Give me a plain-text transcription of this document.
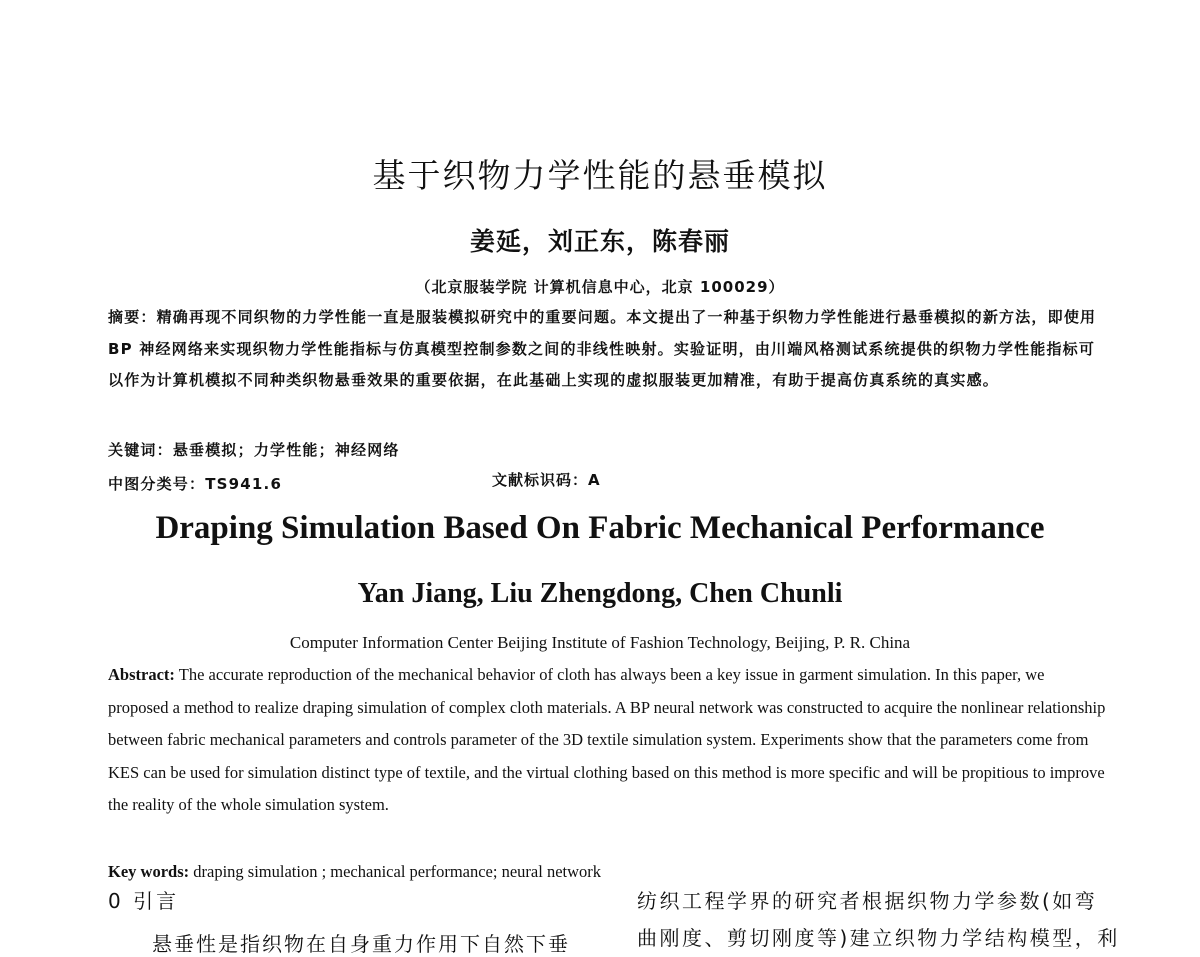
基于织物力学性能的悬垂模拟
姜延，刘正东，陈春丽
（北京服装学院 计算机信息中心，北京 100029）
摘要：精确再现不同织物的力学性能一直是服装模拟研究中的重要问题。本文提出了一种基于织物力学性能进行悬垂模拟的新方法，即使用 BP 神经网络来实现织物力学性能指标与仿真模型控制参数之间的非线性映射。实验证明，由川端风格测试系统提供的织物力学性能指标可以作为计算机模拟不同种类织物悬垂效果的重要依据，在此基础上实现的虚拟服装更加精准，有助于提高仿真系统的真实感。
关键词：悬垂模拟；力学性能；神经网络
中图分类号：TS941.6	文献标识码：A
Draping Simulation Based On Fabric Mechanical Performance
Yan Jiang, Liu Zhengdong, Chen Chunli
Computer Information Center Beijing Institute of Fashion Technology, Beijing, P. R. China
Abstract: The accurate reproduction of the mechanical behavior of cloth has always been a key issue in garment simulation. In this paper, we proposed a method to realize draping simulation of complex cloth materials. A BP neural network was constructed to acquire the nonlinear relationship between fabric mechanical parameters and controls parameter of the 3D textile simulation system. Experiments show that the parameters come from KES can be used for simulation distinct type of textile, and the virtual clothing based on this method is more specific and will be propitious to improve the reality of the whole simulation system.
Key words: draping simulation ; mechanical performance; neural network
0 引言
悬垂性是指织物在自身重力作用下自然下垂
纺织工程学界的研究者根据织物力学参数(如弯
曲刚度、剪切刚度等)建立织物力学结构模型，利
